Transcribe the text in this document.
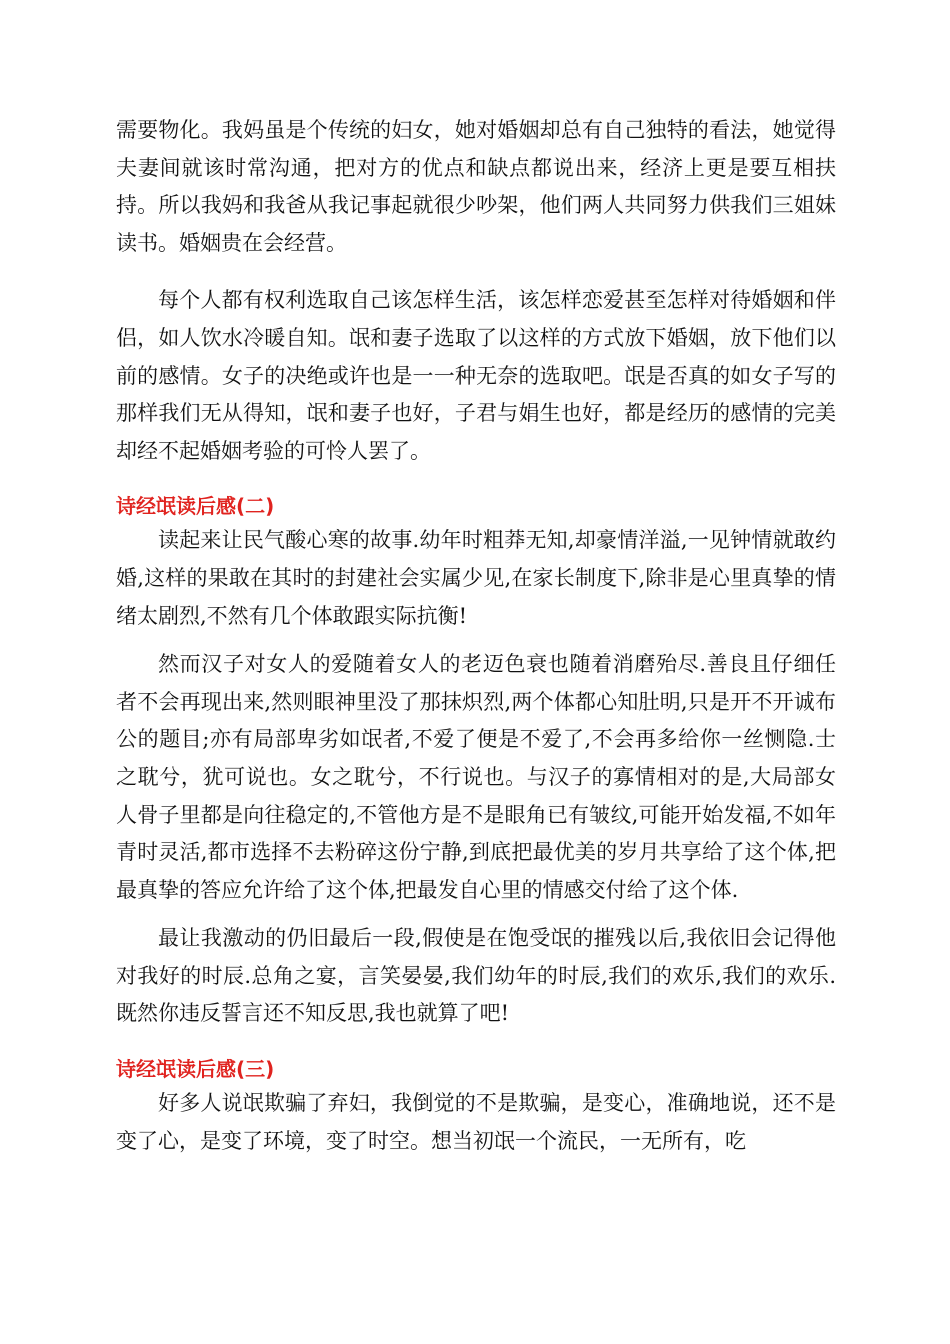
需要物化。我妈虽是个传统的妇女，她对婚姻却总有自己独特的看法，她觉得夫妻间就该时常沟通，把对方的优点和缺点都说出来，经济上更是要互相扶持。所以我妈和我爸从我记事起就很少吵架，他们两人共同努力供我们三姐妹读书。婚姻贵在会经营。

每个人都有权利选取自己该怎样生活，该怎样恋爱甚至怎样对待婚姻和伴侣，如人饮水冷暖自知。氓和妻子选取了以这样的方式放下婚姻，放下他们以前的感情。女子的决绝或许也是一一种无奈的选取吧。氓是否真的如女子写的那样我们无从得知，氓和妻子也好，子君与娟生也好，都是经历的感情的完美却经不起婚姻考验的可怜人罢了。

诗经氓读后感(二)

读起来让民气酸心寒的故事.幼年时粗莽无知,却豪情洋溢,一见钟情就敢约婚,这样的果敢在其时的封建社会实属少见,在家长制度下,除非是心里真挚的情绪太剧烈,不然有几个体敢跟实际抗衡!

然而汉子对女人的爱随着女人的老迈色衰也随着消磨殆尽.善良且仔细任者不会再现出来,然则眼神里没了那抹炽烈,两个体都心知肚明,只是开不开诚布公的题目;亦有局部卑劣如氓者,不爱了便是不爱了,不会再多给你一丝恻隐.士之耽兮，犹可说也。女之耽兮，不行说也。与汉子的寡情相对的是,大局部女人骨子里都是向往稳定的,不管他方是不是眼角已有皱纹,可能开始发福,不如年青时灵活,都市选择不去粉碎这份宁静,到底把最优美的岁月共享给了这个体,把最真挚的答应允许给了这个体,把最发自心里的情感交付给了这个体.

最让我激动的仍旧最后一段,假使是在饱受氓的摧残以后,我依旧会记得他对我好的时辰.总角之宴，言笑晏晏,我们幼年的时辰,我们的欢乐,我们的欢乐.既然你违反誓言还不知反思,我也就算了吧!

诗经氓读后感(三)

好多人说氓欺骗了弃妇，我倒觉的不是欺骗，是变心，准确地说，还不是变了心，是变了环境，变了时空。想当初氓一个流民，一无所有，吃
